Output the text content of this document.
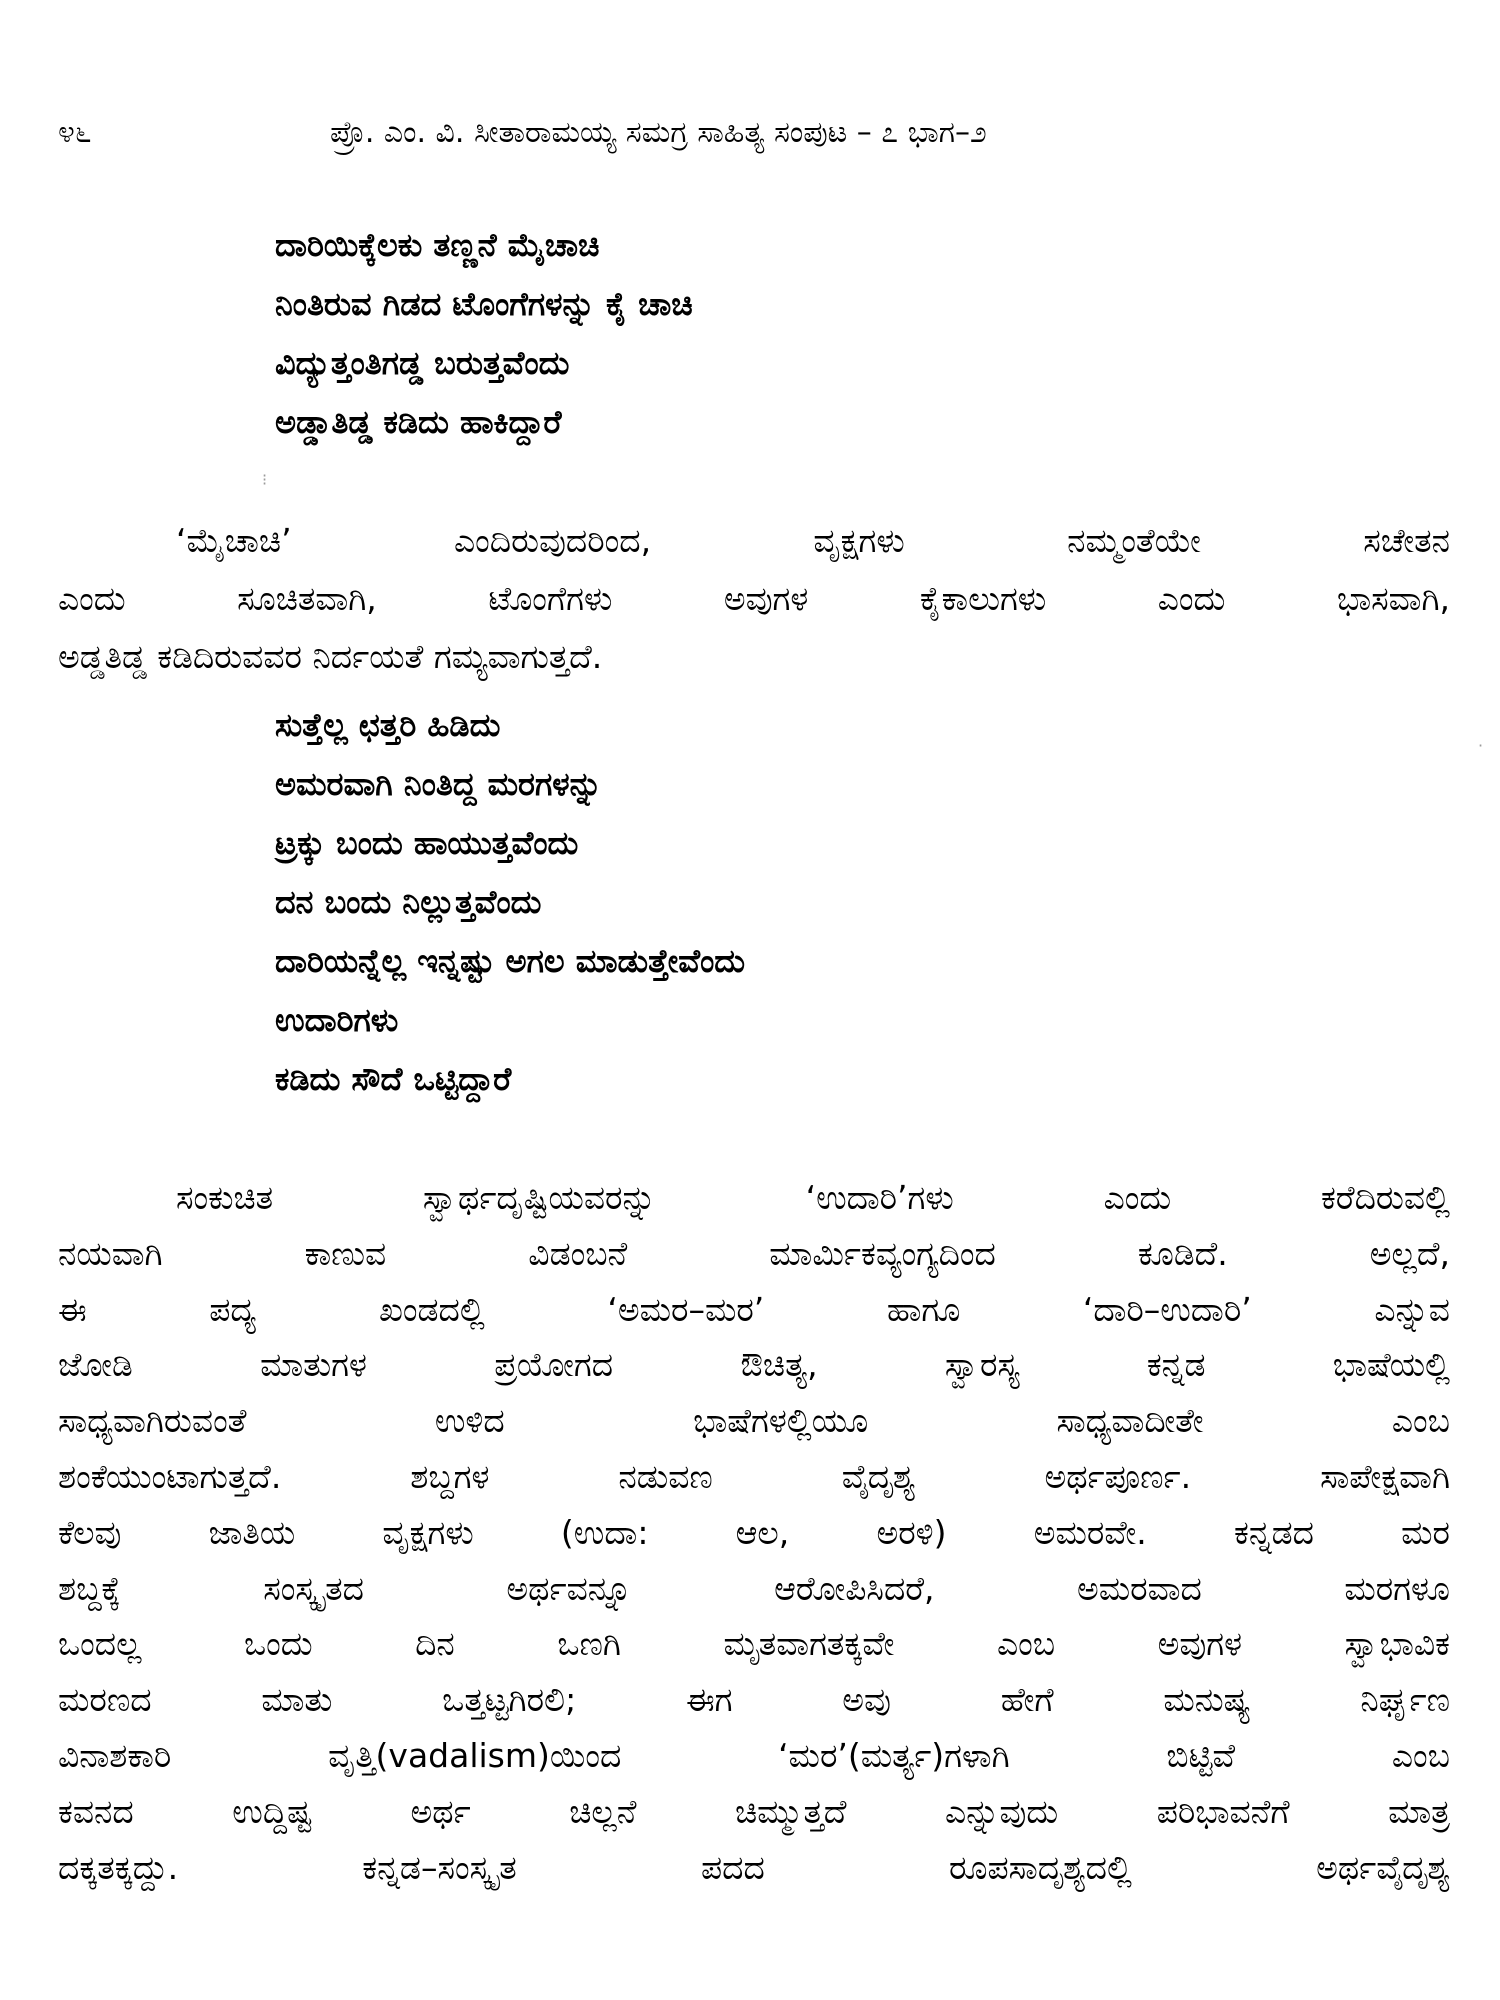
೪೬	ಪ್ರೊ. ಎಂ. ವಿ. ಸೀತಾರಾಮಯ್ಯ ಸಮಗ್ರ ಸಾಹಿತ್ಯ ಸಂಪುಟ – ೭ ಭಾಗ–೨
ದಾರಿಯಿಕ್ಕೆಲಕು ತಣ್ಣನೆ ಮೈಚಾಚಿ
ನಿಂತಿರುವ ಗಿಡದ ಟೊಂಗೆಗಳನ್ನು ಕೈ ಚಾಚಿ
ವಿದ್ಯುತ್ತಂತಿಗಡ್ಡ ಬರುತ್ತವೆಂದು
ಅಡ್ಡಾತಿಡ್ಡ ಕಡಿದು ಹಾಕಿದ್ದಾರೆ
⁝
‘ಮೈಚಾಚಿ’ ಎಂದಿರುವುದರಿಂದ, ವೃಕ್ಷಗಳು ನಮ್ಮಂತೆಯೇ ಸಚೇತನ
ಎಂದು ಸೂಚಿತವಾಗಿ, ಟೊಂಗೆಗಳು ಅವುಗಳ ಕೈಕಾಲುಗಳು ಎಂದು ಭಾಸವಾಗಿ,
ಅಡ್ಡತಿಡ್ಡ ಕಡಿದಿರುವವರ ನಿರ್ದಯತೆ ಗಮ್ಯವಾಗುತ್ತದೆ.
ಸುತ್ತೆಲ್ಲ ಛತ್ತರಿ ಹಿಡಿದು
ಅಮರವಾಗಿ ನಿಂತಿದ್ದ ಮರಗಳನ್ನು
ಟ್ರಕ್ಕು ಬಂದು ಹಾಯುತ್ತವೆಂದು
ದನ ಬಂದು ನಿಲ್ಲುತ್ತವೆಂದು
ದಾರಿಯನ್ನೆಲ್ಲ ಇನ್ನಷ್ಟು ಅಗಲ ಮಾಡುತ್ತೇವೆಂದು
ಉದಾರಿಗಳು
ಕಡಿದು ಸೌದೆ ಒಟ್ಟಿದ್ದಾರೆ
·
ಸಂಕುಚಿತ ಸ್ವಾರ್ಥದೃಷ್ಟಿಯವರನ್ನು ‘ಉದಾರಿ’ಗಳು ಎಂದು ಕರೆದಿರುವಲ್ಲಿ
ನಯವಾಗಿ ಕಾಣುವ ವಿಡಂಬನೆ ಮಾರ್ಮಿಕವ್ಯಂಗ್ಯದಿಂದ ಕೂಡಿದೆ. ಅಲ್ಲದೆ,
ಈ ಪದ್ಯ ಖಂಡದಲ್ಲಿ ‘ಅಮರ–ಮರ’ ಹಾಗೂ ‘ದಾರಿ–ಉದಾರಿ’ ಎನ್ನುವ
ಜೋಡಿ ಮಾತುಗಳ ಪ್ರಯೋಗದ ಔಚಿತ್ಯ, ಸ್ವಾರಸ್ಯ ಕನ್ನಡ ಭಾಷೆಯಲ್ಲಿ
ಸಾಧ್ಯವಾಗಿರುವಂತೆ ಉಳಿದ ಭಾಷೆಗಳಲ್ಲಿಯೂ ಸಾಧ್ಯವಾದೀತೇ ಎಂಬ
ಶಂಕೆಯುಂಟಾಗುತ್ತದೆ. ಶಬ್ದಗಳ ನಡುವಣ ವೈದೃಶ್ಯ ಅರ್ಥಪೂರ್ಣ. ಸಾಪೇಕ್ಷವಾಗಿ
ಕೆಲವು ಜಾತಿಯ ವೃಕ್ಷಗಳು (ಉದಾ: ಆಲ, ಅರಳಿ) ಅಮರವೇ. ಕನ್ನಡದ ಮರ
ಶಬ್ದಕ್ಕೆ ಸಂಸ್ಕೃತದ ಅರ್ಥವನ್ನೂ ಆರೋಪಿಸಿದರೆ, ಅಮರವಾದ ಮರಗಳೂ
ಒಂದಲ್ಲ ಒಂದು ದಿನ ಒಣಗಿ ಮೃತವಾಗತಕ್ಕವೇ ಎಂಬ ಅವುಗಳ ಸ್ವಾಭಾವಿಕ
ಮರಣದ ಮಾತು ಒತ್ತಟ್ಟಗಿರಲಿ; ಈಗ ಅವು ಹೇಗೆ ಮನುಷ್ಯ ನಿರ್ಘೃಣ
ವಿನಾಶಕಾರಿ ವೃತ್ತಿ(vadalism)ಯಿಂದ ‘ಮರ’(ಮರ್ತ್ಯ)ಗಳಾಗಿ ಬಿಟ್ಟಿವೆ ಎಂಬ
ಕವನದ ಉದ್ದಿಷ್ಟ ಅರ್ಥ ಚಿಲ್ಲನೆ ಚಿಮ್ಮುತ್ತದೆ ಎನ್ನುವುದು ಪರಿಭಾವನೆಗೆ ಮಾತ್ರ
ದಕ್ಕತಕ್ಕದ್ದು. ಕನ್ನಡ–ಸಂಸ್ಕೃತ ಪದದ ರೂಪಸಾದೃಶ್ಯದಲ್ಲಿ ಅರ್ಥವೈದೃಶ್ಯ
